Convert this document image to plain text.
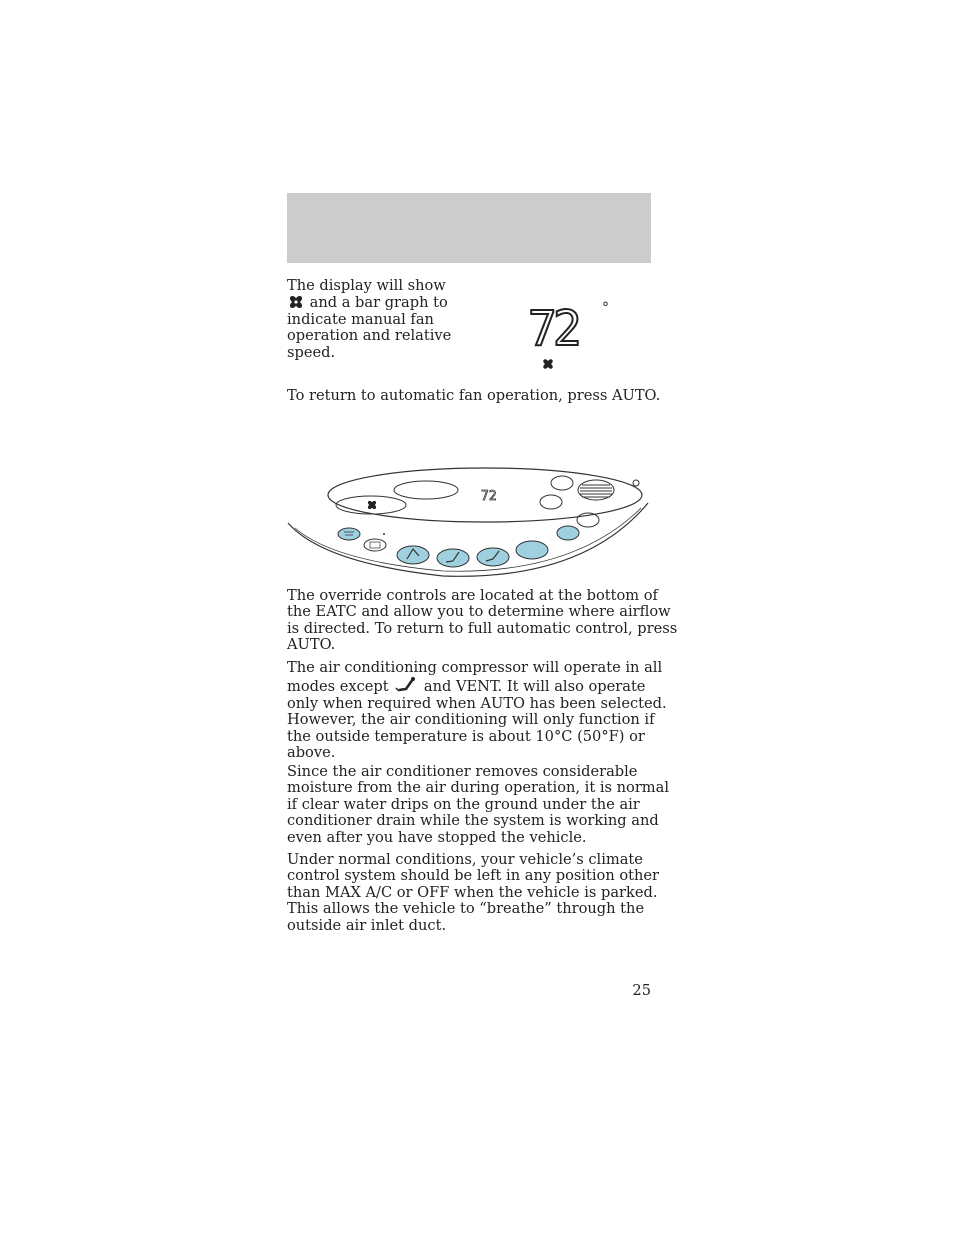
The display will show
and a bar graph to
indicate manual fan
operation and relative
speed.	72 °

To return to automatic fan operation, press AUTO.

72
The override controls are located at the bottom of
the EATC and allow you to determine where airflow
is directed. To return to full automatic control, press
AUTO.
The air conditioning compressor will operate in all
modes except  and VENT. It will also operate
only when required when AUTO has been selected.
However, the air conditioning will only function if
the outside temperature is about 10°C (50°F) or
above.
Since the air conditioner removes considerable
moisture from the air during operation, it is normal
if clear water drips on the ground under the air
conditioner drain while the system is working and
even after you have stopped the vehicle.
Under normal conditions, your vehicle’s climate
control system should be left in any position other
than MAX A/C or OFF when the vehicle is parked.
This allows the vehicle to “breathe” through the
outside air inlet duct.
25
